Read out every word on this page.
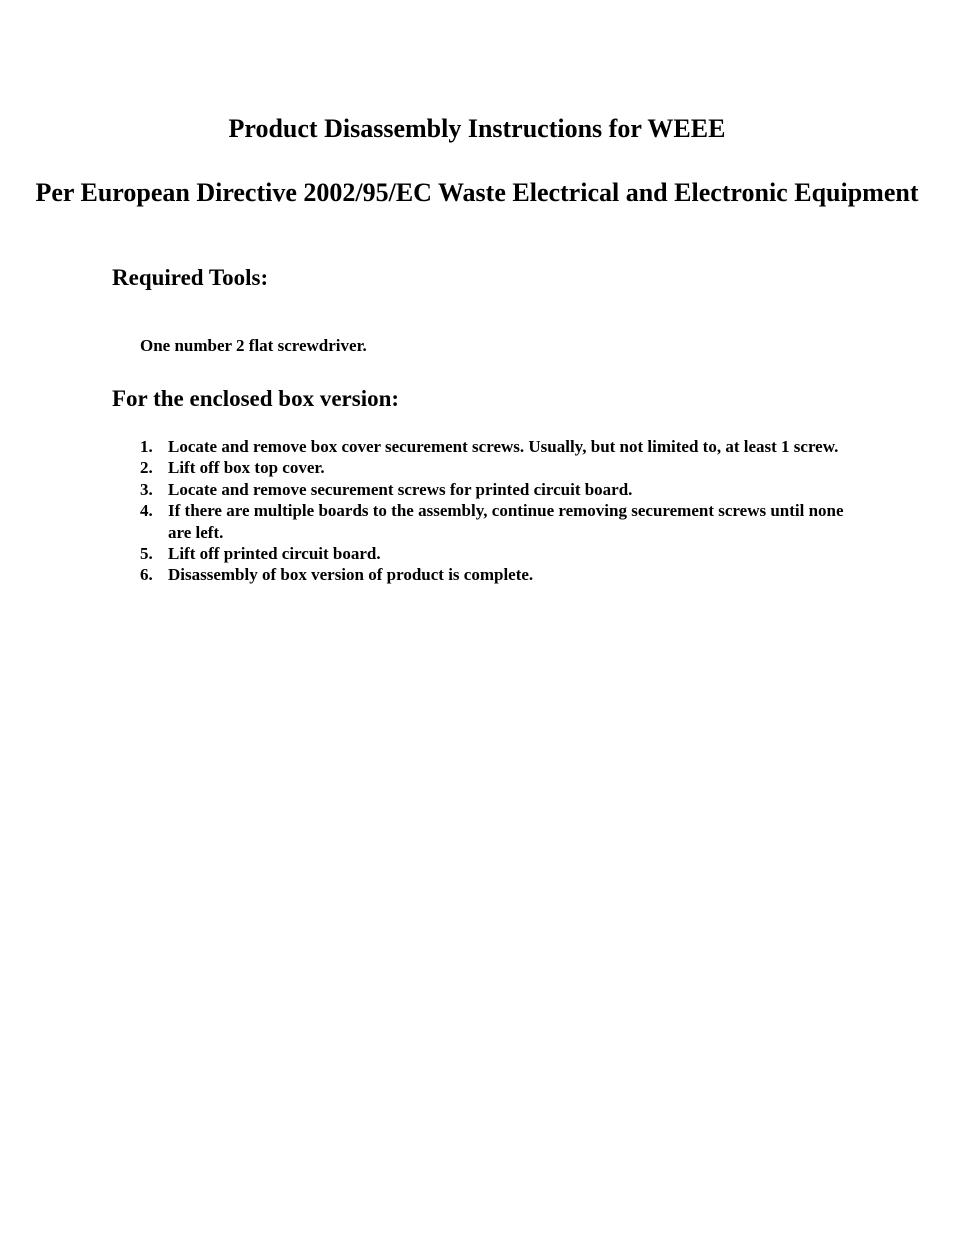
Product Disassembly Instructions for WEEE
Per European Directive 2002/95/EC Waste Electrical and Electronic Equipment
Required Tools:

One number 2 flat screwdriver.

For the enclosed box version:
1. Locate and remove box cover securement screws. Usually, but not limited to, at least 1 screw.
2. Lift off box top cover.
3. Locate and remove securement screws for printed circuit board.
4. If there are multiple boards to the assembly, continue removing securement screws until none are left.
5. Lift off printed circuit board.
6. Disassembly of box version of product is complete.
